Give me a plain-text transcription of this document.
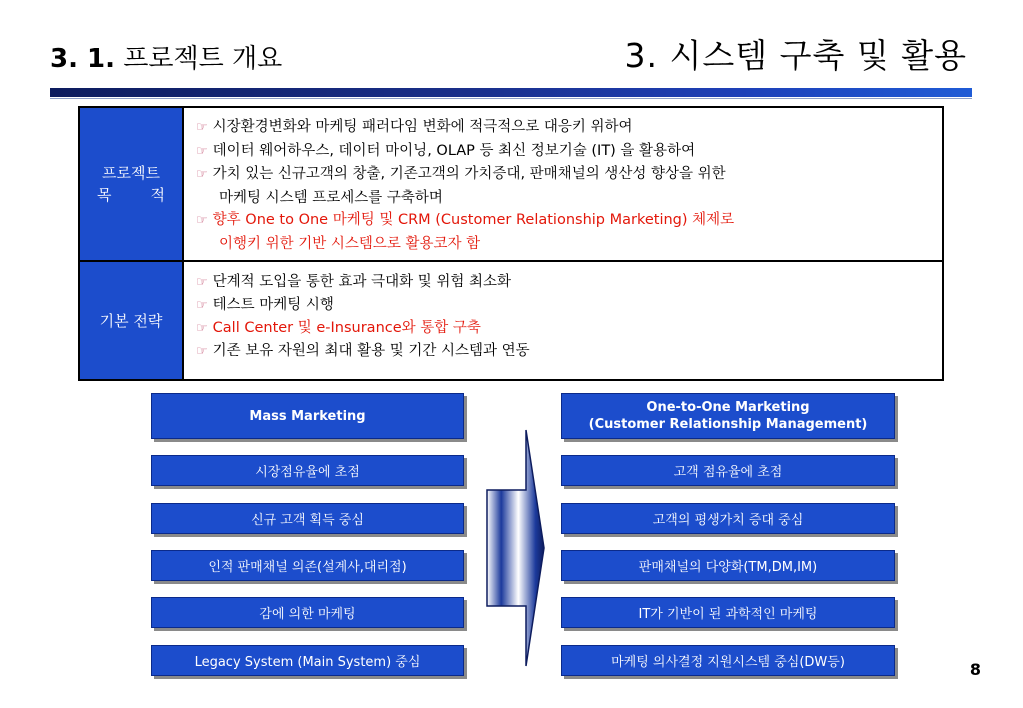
3. 1. 프로젝트 개요	3. 시스템 구축 및 활용
프로젝트
목	적
☞ 시장환경변화와 마케팅 패러다임 변화에 적극적으로 대응키 위하여
☞ 데이터 웨어하우스, 데이터 마이닝, OLAP 등 최신 정보기술 (IT) 을 활용하여
☞ 가치 있는 신규고객의 창출, 기존고객의 가치증대, 판매채널의 생산성 향상을 위한
마케팅 시스템 프로세스를 구축하며
☞ 향후 One to One 마케팅 및 CRM (Customer Relationship Marketing) 체제로
이행키 위한 기반 시스템으로 활용코자 함
기본 전략
☞ 단계적 도입을 통한 효과 극대화 및 위험 최소화
☞ 테스트 마케팅 시행
☞ Call Center 및 e-Insurance와 통합 구축
☞ 기존 보유 자원의 최대 활용 및 기간 시스템과 연동
Mass Marketing
시장점유율에 초점
신규 고객 획득 중심
인적 판매채널 의존(설계사,대리점)
감에 의한 마케팅
Legacy System (Main System) 중심
One-to-One Marketing
(Customer Relationship Management)
고객 점유율에 초점
고객의 평생가치 증대 중심
판매채널의 다양화(TM,DM,IM)
IT가 기반이 된 과학적인 마케팅
마케팅 의사결정 지원시스템 중심(DW등)	8
